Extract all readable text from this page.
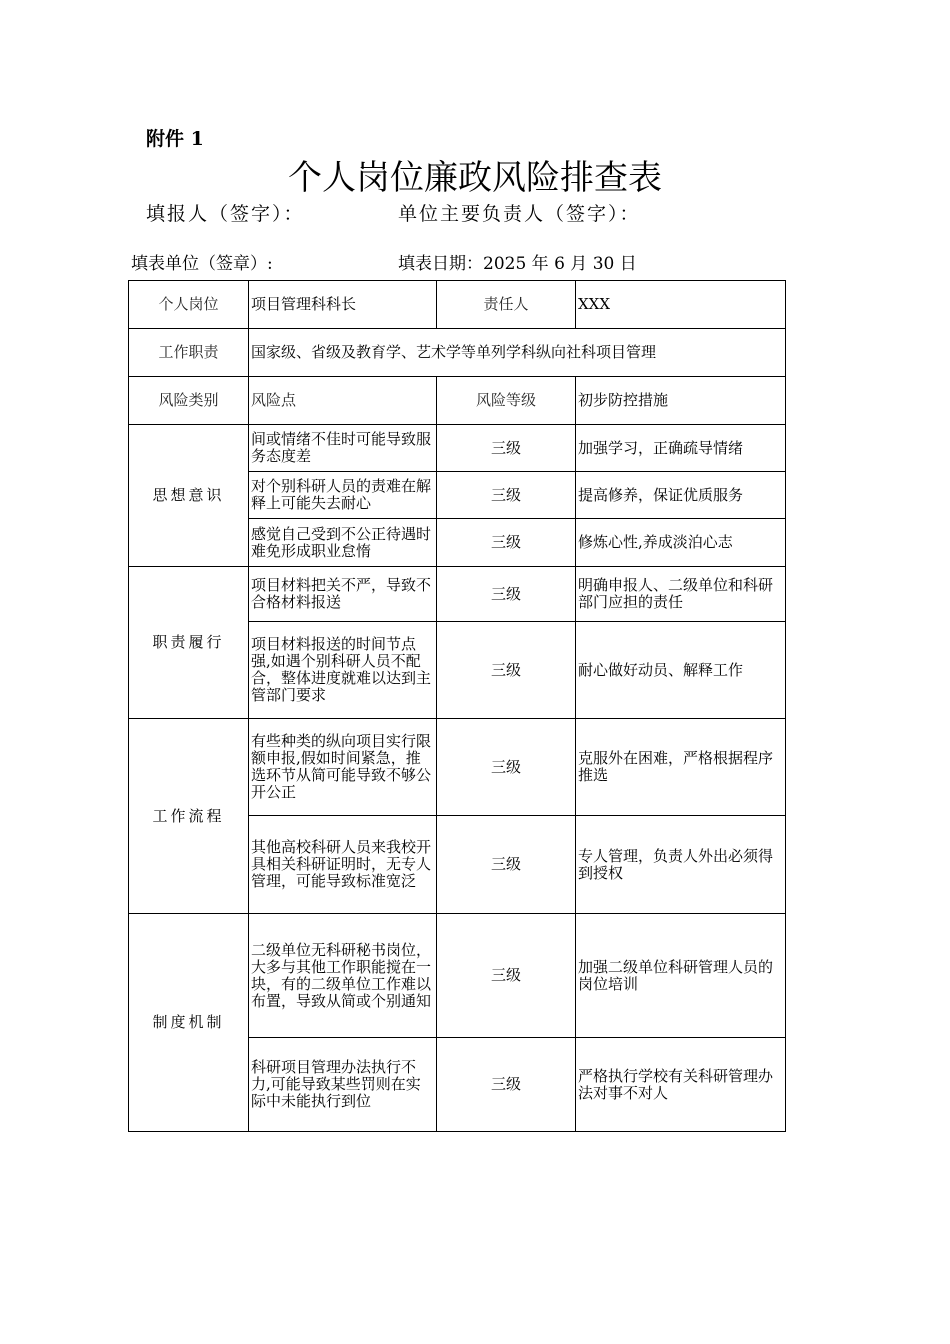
附件 1
个人岗位廉政风险排查表
填报人（签字）：	单位主要负责人（签字）：
填表单位（签章）:	填表日期：2025 年 6 月 30 日
个人岗位	项目管理科科长	责任人	XXX
工作职责	国家级、省级及教育学、艺术学等单列学科纵向社科项目管理		
风险类别	风险点	风险等级	初步防控措施
思想意识	间或情绪不佳时可能导致服务态度差	三级	加强学习，正确疏导情绪
	对个别科研人员的责难在解释上可能失去耐心	三级	提高修养，保证优质服务
	感觉自己受到不公正待遇时难免形成职业怠惰	三级	修炼心性,养成淡泊心志
职责履行	项目材料把关不严，导致不合格材料报送	三级	明确申报人、二级单位和科研部门应担的责任
	项目材料报送的时间节点强,如遇个别科研人员不配合，整体进度就难以达到主管部门要求	三级	耐心做好动员、解释工作
工作流程	有些种类的纵向项目实行限额申报,假如时间紧急，推选环节从简可能导致不够公开公正	三级	克服外在困难，严格根据程序推选
	其他高校科研人员来我校开具相关科研证明时，无专人管理，可能导致标准宽泛	三级	专人管理，负责人外出必须得到授权
制度机制	二级单位无科研秘书岗位，大多与其他工作职能搅在一块，有的二级单位工作难以布置，导致从简或个别通知	三级	加强二级单位科研管理人员的岗位培训
	科研项目管理办法执行不力,可能导致某些罚则在实际中未能执行到位	三级	严格执行学校有关科研管理办法对事不对人
